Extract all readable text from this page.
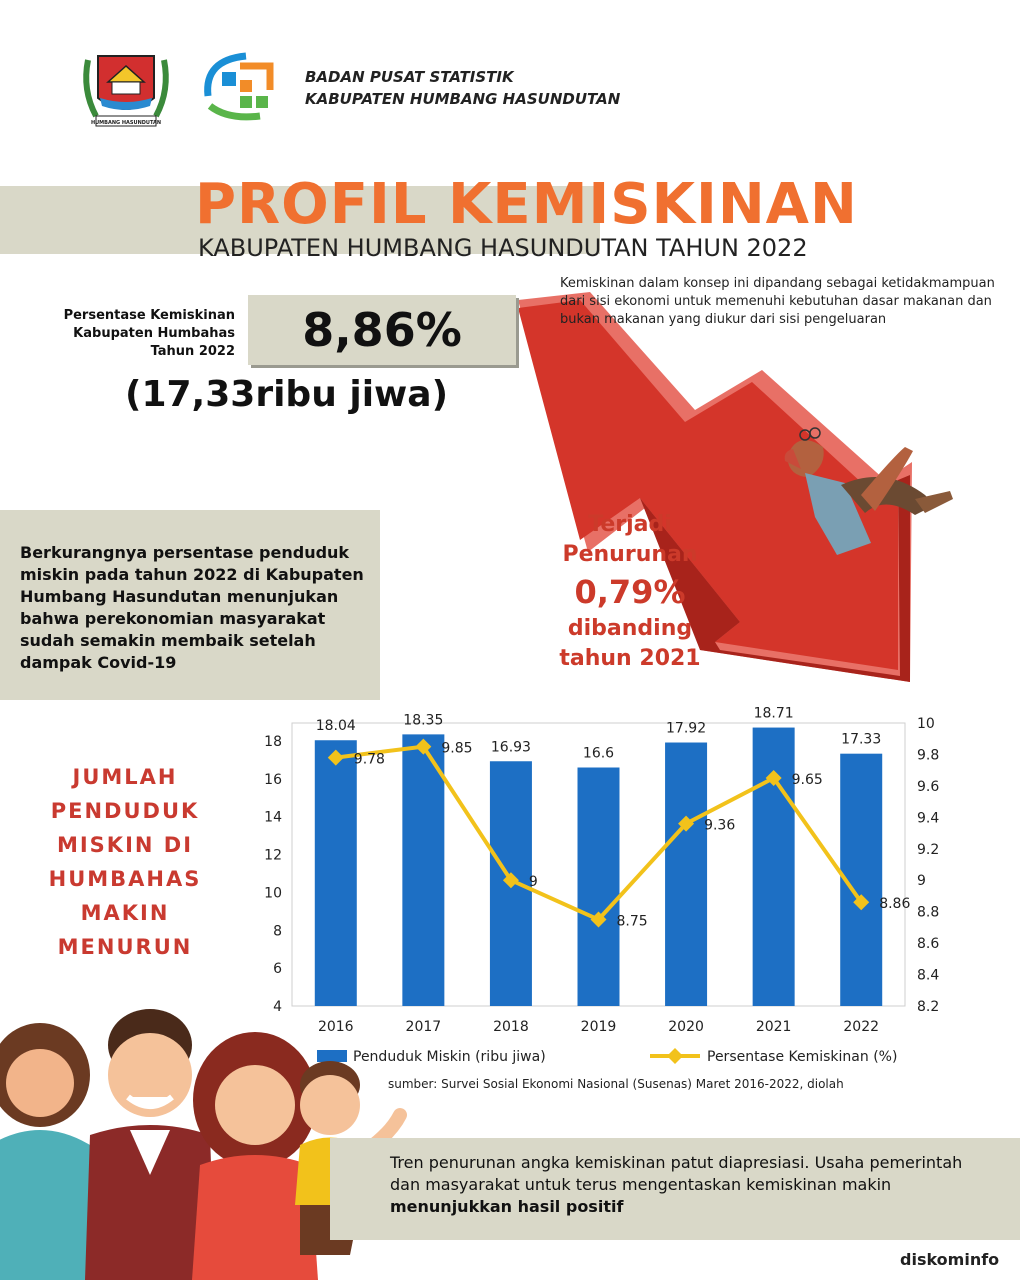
HUMBANG HASUNDUTAN
BADAN PUSAT STATISTIK
KABUPATEN HUMBANG HASUNDUTAN
PROFIL KEMISKINAN
KABUPATEN HUMBANG HASUNDUTAN TAHUN 2022
Kemiskinan dalam konsep ini dipandang sebagai ketidakmampuan dari sisi ekonomi untuk memenuhi kebutuhan dasar makanan dan bukan makanan yang diukur dari sisi pengeluaran
Persentase Kemiskinan
Kabupaten Humbahas
Tahun 2022	8,86%
(17,33ribu jiwa)
Berkurangnya persentase penduduk miskin pada tahun 2022 di Kabupaten Humbang Hasundutan menunjukan bahwa perekonomian masyarakat sudah semakin membaik setelah dampak Covid-19
Terjadi
Penurunan
0,79%
dibanding
tahun 2021
JUMLAH
PENDUDUK
MISKIN DI
HUMBAHAS
MAKIN
MENURUN
4
6
8
10
12
14
16
18
8.2
8.4
8.6
8.8
9
9.2
9.4
9.6
9.8
10
18.04
2016
18.35
2017
16.93
2018
16.6
2019
17.92
2020
18.71
2021
17.33
2022
9.78
9.85
9
8.75
9.36
9.65
8.86
Penduduk Miskin (ribu jiwa)	Persentase Kemiskinan (%)
sumber: Survei Sosial Ekonomi Nasional (Susenas) Maret 2016-2022, diolah
Tren penurunan angka kemiskinan patut diapresiasi. Usaha pemerintah dan masyarakat untuk terus mengentaskan kemiskinan makin menunjukkan hasil positif
diskominfo
